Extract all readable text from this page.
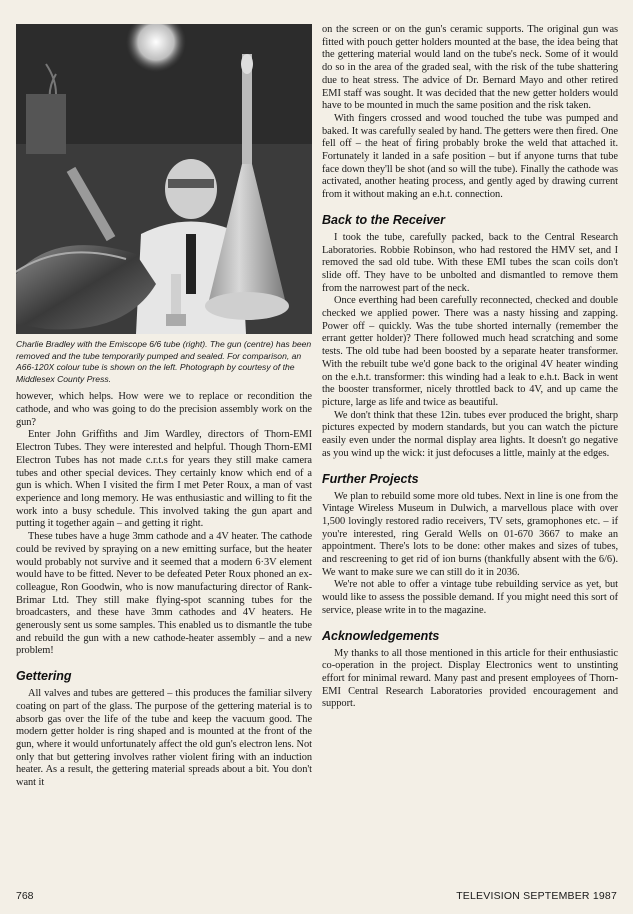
Charlie Bradley with the Emiscope 6/6 tube (right). The gun (centre) has been removed and the tube temporarily pumped and sealed. For comparison, an A66-120X colour tube is shown on the left. Photograph by courtesy of the Middlesex County Press.

however, which helps. How were we to replace or recondition the cathode, and who was going to do the precision assembly work on the gun?

Enter John Griffiths and Jim Wardley, directors of Thorn-EMI Electron Tubes. They were interested and helpful. Though Thorn-EMI Electron Tubes has not made c.r.t.s for years they still make camera tubes and other special devices. They certainly know which end of a gun is which. When I visited the firm I met Peter Roux, a man of vast experience and long memory. He was enthusiastic and willing to fit the work into a busy schedule. This involved taking the gun apart and putting it together again – and getting it right.

These tubes have a huge 3mm cathode and a 4V heater. The cathode could be revived by spraying on a new emitting surface, but the heater would probably not survive and it seemed that a modern 6·3V element would have to be fitted. Never to be defeated Peter Roux phoned an ex-colleague, Ron Goodwin, who is now manufacturing director of Rank-Brimar Ltd. They still make flying-spot scanning tubes for the broadcasters, and these have 3mm cathodes and 4V heaters. He generously sent us some samples. This enabled us to dismantle the tube and rebuild the gun with a new cathode-heater assembly – and a new problem!

Gettering

All valves and tubes are gettered – this produces the familiar silvery coating on part of the glass. The purpose of the gettering material is to absorb gas over the life of the tube and keep the vacuum good. The modern getter holder is ring shaped and is mounted at the front of the gun, where it would unfortunately affect the old gun's electron lens. Not only that but gettering involves rather violent firing with an induction heater. As a result, the gettering material spreads about a bit. You don't want it

on the screen or on the gun's ceramic supports. The original gun was fitted with pouch getter holders mounted at the base, the idea being that the gettering material would land on the tube's neck. Some of it would do so in the area of the graded seal, with the risk of the tube shattering due to heat stress. The advice of Dr. Bernard Mayo and other retired EMI staff was sought. It was decided that the new getter holders would have to be mounted in much the same position and the risk taken.

With fingers crossed and wood touched the tube was pumped and baked. It was carefully sealed by hand. The getters were then fired. One fell off – the heat of firing probably broke the weld that attached it. Fortunately it landed in a safe position – but if anyone turns that tube face down they'll be shot (and so will the tube). Finally the cathode was activated, another heating process, and gently aged by drawing current from it without making an e.h.t. connection.

Back to the Receiver

I took the tube, carefully packed, back to the Central Research Laboratories. Robbie Robinson, who had restored the HMV set, and I removed the sad old tube. With these EMI tubes the scan coils don't slide off. They have to be unbolted and dismantled to remove them from the narrowest part of the neck.

Once everthing had been carefully reconnected, checked and double checked we applied power. There was a nasty hissing and zapping. Power off – quickly. Was the tube shorted internally (remember the errant getter holder)? There followed much head scratching and some tests. The old tube had been boosted by a separate heater transformer. With the rebuilt tube we'd gone back to the original 4V heater winding on the e.h.t. transformer: this winding had a leak to e.h.t. Back in went the booster transformer, nicely throttled back to 4V, and up came the picture, large as life and twice as beautiful.

We don't think that these 12in. tubes ever produced the bright, sharp pictures expected by modern standards, but you can watch the picture easily even under the normal display area lights. It doesn't go negative as you wind up the wick: it just defocuses a little, mainly at the edges.

Further Projects

We plan to rebuild some more old tubes. Next in line is one from the Vintage Wireless Museum in Dulwich, a marvellous place with over 1,500 lovingly restored radio receivers, TV sets, gramophones etc. – if you're interested, ring Gerald Wells on 01-670 3667 to make an appointment. There's lots to be done: other makes and sizes of tubes, and rescreening to get rid of ion burns (thankfully absent with the 6/6). We want to make sure we can still do it in 2036.

We're not able to offer a vintage tube rebuilding service as yet, but would like to assess the possible demand. If you might need this sort of service, please write in to the magazine.

Acknowledgements

My thanks to all those mentioned in this article for their enthusiastic co-operation in the project. Display Electronics went to unstinting effort for minimal reward. Many past and present employees of Thorn-EMI Central Research Laboratories provided encouragement and support.

768	TELEVISION SEPTEMBER 1987
